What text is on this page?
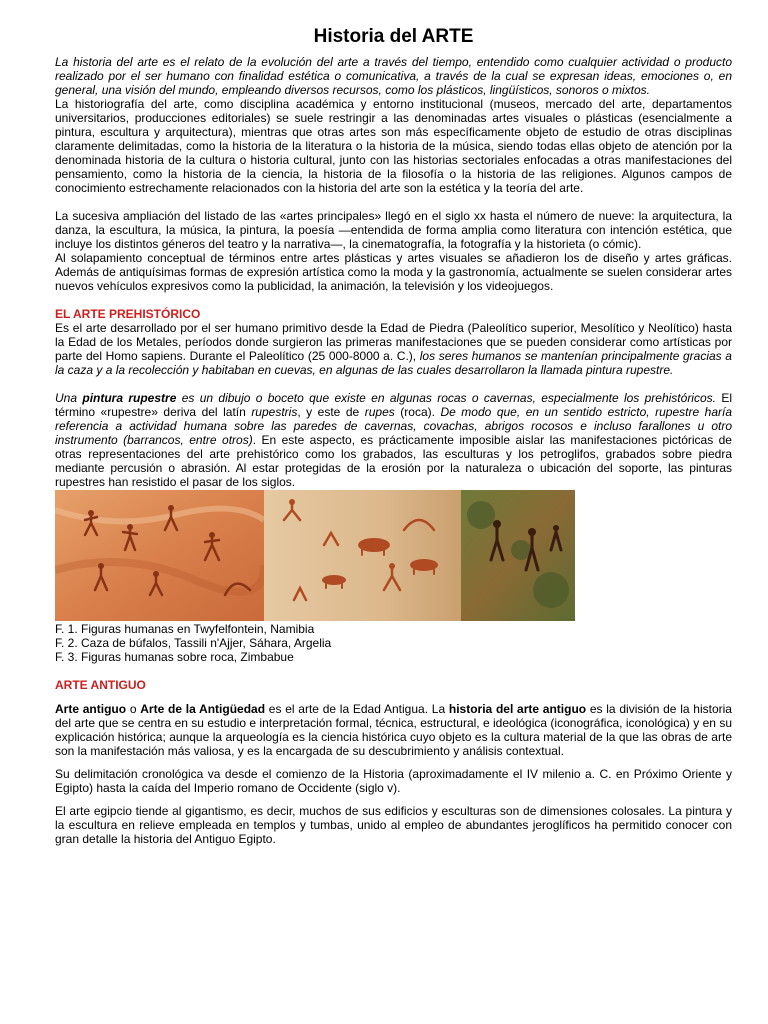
Historia del ARTE

La historia del arte es el relato de la evolución del arte a través del tiempo, entendido como cualquier actividad o producto realizado por el ser humano con finalidad estética o comunicativa, a través de la cual se expresan ideas, emociones o, en general, una visión del mundo, empleando diversos recursos, como los plásticos, lingüísticos, sonoros o mixtos.

La historiografía del arte, como disciplina académica y entorno institucional (museos, mercado del arte, departamentos universitarios, producciones editoriales) se suele restringir a las denominadas artes visuales o plásticas (esencialmente a pintura, escultura y arquitectura), mientras que otras artes son más específicamente objeto de estudio de otras disciplinas claramente delimitadas, como la historia de la literatura o la historia de la música, siendo todas ellas objeto de atención por la denominada historia de la cultura o historia cultural, junto con las historias sectoriales enfocadas a otras manifestaciones del pensamiento, como la historia de la ciencia, la historia de la filosofía o la historia de las religiones. Algunos campos de conocimiento estrechamente relacionados con la historia del arte son la estética y la teoría del arte.

La sucesiva ampliación del listado de las «artes principales» llegó en el siglo xx hasta el número de nueve: la arquitectura, la danza, la escultura, la música, la pintura, la poesía —entendida de forma amplia como literatura con intención estética, que incluye los distintos géneros del teatro y la narrativa—, la cinematografía, la fotografía y la historieta (o cómic).

Al solapamiento conceptual de términos entre artes plásticas y artes visuales se añadieron los de diseño y artes gráficas. Además de antiquísimas formas de expresión artística como la moda y la gastronomía, actualmente se suelen considerar artes nuevos vehículos expresivos como la publicidad, la animación, la televisión y los videojuegos.

EL ARTE PREHISTÓRICO

Es el arte desarrollado por el ser humano primitivo desde la Edad de Piedra (Paleolítico superior, Mesolítico y Neolítico) hasta la Edad de los Metales, períodos donde surgieron las primeras manifestaciones que se pueden considerar como artísticas por parte del Homo sapiens. Durante el Paleolítico (25 000-8000 a. C.), los seres humanos se mantenían principalmente gracias a la caza y a la recolección y habitaban en cuevas, en algunas de las cuales desarrollaron la llamada pintura rupestre.

Una pintura rupestre es un dibujo o boceto que existe en algunas rocas o cavernas, especialmente los prehistóricos. El término «rupestre» deriva del latín rupestris, y este de rupes (roca). De modo que, en un sentido estricto, rupestre haría referencia a actividad humana sobre las paredes de cavernas, covachas, abrigos rocosos e incluso farallones u otro instrumento (barrancos, entre otros). En este aspecto, es prácticamente imposible aislar las manifestaciones pictóricas de otras representaciones del arte prehistórico como los grabados, las esculturas y los petroglifos, grabados sobre piedra mediante percusión o abrasión. Al estar protegidas de la erosión por la naturaleza o ubicación del soporte, las pinturas rupestres han resistido el pasar de los siglos.

F. 1. Figuras humanas en Twyfelfontein, Namibia

F. 2. Caza de búfalos, Tassili n'Ajjer, Sáhara, Argelia

F. 3. Figuras humanas sobre roca, Zimbabue

ARTE ANTIGUO

Arte antiguo o Arte de la Antigüedad es el arte de la Edad Antigua. La historia del arte antiguo es la división de la historia del arte que se centra en su estudio e interpretación formal, técnica, estructural, e ideológica (iconográfica, iconológica) y en su explicación histórica; aunque la arqueología es la ciencia histórica cuyo objeto es la cultura material de la que las obras de arte son la manifestación más valiosa, y es la encargada de su descubrimiento y análisis contextual.

Su delimitación cronológica va desde el comienzo de la Historia (aproximadamente el IV milenio a. C. en Próximo Oriente y Egipto) hasta la caída del Imperio romano de Occidente (siglo v).

El arte egipcio tiende al gigantismo, es decir, muchos de sus edificios y esculturas son de dimensiones colosales. La pintura y la escultura en relieve empleada en templos y tumbas, unido al empleo de abundantes jeroglíficos ha permitido conocer con gran detalle la historia del Antiguo Egipto.
